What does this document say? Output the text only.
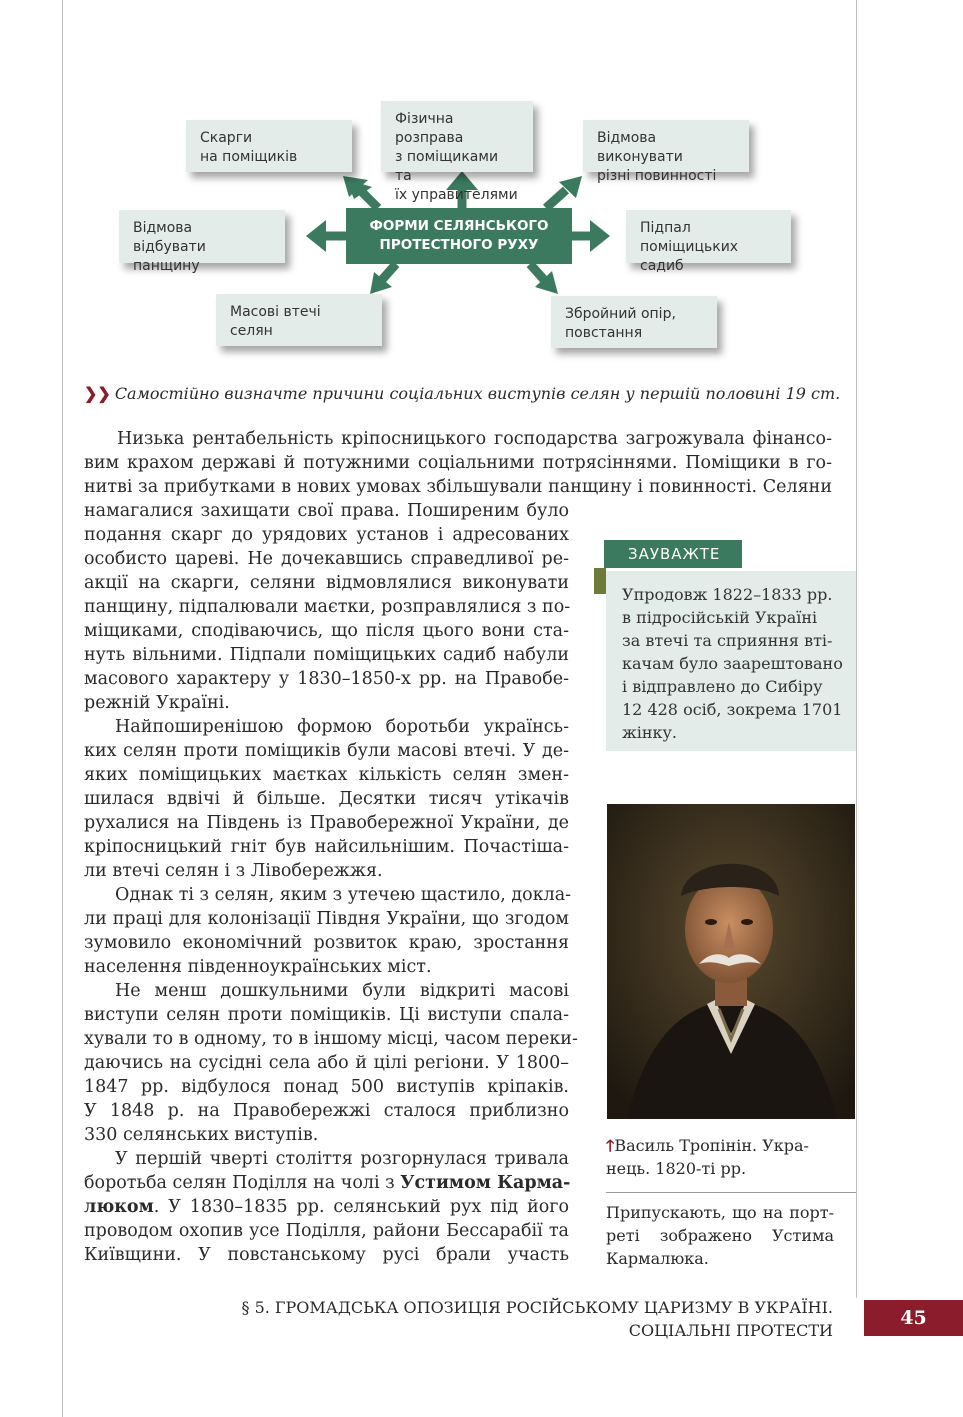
ФОРМИ СЕЛЯНСЬКОГО
ПРОТЕСТНОГО РУХУ
Скарги
на поміщиків
Фізична розправа
з поміщиками та
їх управителями
Відмова виконувати
різні повинності
Відмова
відбувати панщину
Підпал
поміщицьких садиб
Масові втечі
селян
Збройний опір,
повстання
❯❯ Самостійно визначте причини соціальних виступів селян у першій половині 19 ст.
Низька рентабельність кріпосницького господарства загрожувала фінансо-
вим крахом державі й потужними соціальними потрясіннями. Поміщики в го-
нитві за прибутками в нових умовах збільшували панщину і повинності. Селяни
намагалися захищати свої права. Поширеним було
подання скарг до урядових установ і адресованих
особисто цареві. Не дочекавшись справедливої ре-
акції на скарги, селяни відмовлялися виконувати
панщину, підпалювали маєтки, розправлялися з по-
міщиками, сподіваючись, що після цього вони ста-
нуть вільними. Підпали поміщицьких садиб набули
масового характеру у 1830–1850-х рр. на Правобе-
режній Україні.
Найпоширенішою формою боротьби українсь-
ких селян проти поміщиків були масові втечі. У де-
яких поміщицьких маєтках кількість селян змен-
шилася вдвічі й більше. Десятки тисяч утікачів
рухалися на Південь із Правобережної України, де
кріпосницький гніт був найсильнішим. Почастіша-
ли втечі селян і з Лівобережжя.
Однак ті з селян, яким з утечею щастило, докла-
ли праці для колонізації Півдня України, що згодом
зумовило економічний розвиток краю, зростання
населення південноукраїнських міст.
Не менш дошкульними були відкриті масові
виступи селян проти поміщиків. Ці виступи спала-
хували то в одному, то в іншому місці, часом переки-
даючись на сусідні села або й цілі регіони. У 1800–
1847 рр. відбулося понад 500 виступів кріпаків.
У 1848 р. на Правобережжі сталося приблизно
330 селянських виступів.
У першій чверті століття розгорнулася тривала
боротьба селян Поділля на чолі з Устимом Кармa-
люком. У 1830–1835 рр. селянський рух під його
проводом охопив усе Поділля, райони Бессарабії та
Київщини. У повстанському русі брали участь
ЗАУВАЖТЕ
Упродовж 1822–1833 рр.
в підросійській Україні
за втечі та сприяння вті-
качам було заарештовано
і відправлено до Сибіру
12 428 осіб, зокрема 1701
жінку.
🡑Василь Тропінін. Укра-
нець. 1820-ті рр.
Припускають, що на порт-
реті зображено Устима
Кармалюка.
§ 5. ГРОМАДСЬКА ОПОЗИЦІЯ РОСІЙСЬКОМУ ЦАРИЗМУ В УКРАЇНІ.
СОЦІАЛЬНІ ПРОТЕСТИ
45
